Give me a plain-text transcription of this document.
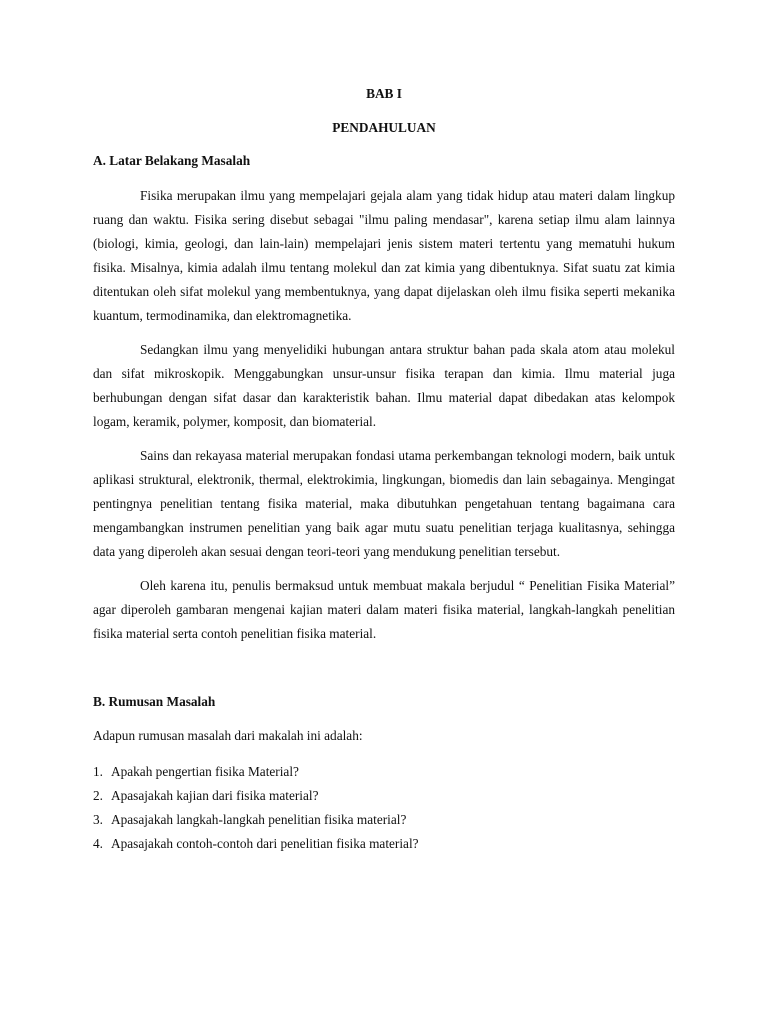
BAB I
PENDAHULUAN
A. Latar Belakang Masalah

Fisika merupakan ilmu yang mempelajari gejala alam yang tidak hidup atau materi dalam lingkup ruang dan waktu. Fisika sering disebut sebagai "ilmu paling mendasar", karena setiap ilmu alam lainnya (biologi, kimia, geologi, dan lain-lain) mempelajari jenis sistem materi tertentu yang mematuhi hukum fisika. Misalnya, kimia adalah ilmu tentang molekul dan zat kimia yang dibentuknya. Sifat suatu zat kimia ditentukan oleh sifat molekul yang membentuknya, yang dapat dijelaskan oleh ilmu fisika seperti mekanika kuantum, termodinamika, dan elektromagnetika.

Sedangkan ilmu yang menyelidiki hubungan antara struktur bahan pada skala atom atau molekul dan sifat mikroskopik. Menggabungkan unsur-unsur fisika terapan dan kimia. Ilmu material juga berhubungan dengan sifat dasar dan karakteristik bahan. Ilmu material dapat dibedakan atas kelompok logam, keramik, polymer, komposit, dan biomaterial.

Sains dan rekayasa material merupakan fondasi utama perkembangan teknologi modern, baik untuk aplikasi struktural, elektronik, thermal, elektrokimia, lingkungan, biomedis dan lain sebagainya. Mengingat pentingnya penelitian tentang fisika material, maka dibutuhkan pengetahuan tentang bagaimana cara mengambangkan instrumen penelitian yang baik agar mutu suatu penelitian terjaga kualitasnya, sehingga data yang diperoleh akan sesuai dengan teori-teori yang mendukung penelitian tersebut.

Oleh karena itu, penulis bermaksud untuk membuat makala berjudul “ Penelitian Fisika Material” agar diperoleh gambaran mengenai kajian materi dalam materi fisika material, langkah-langkah penelitian fisika material serta contoh penelitian fisika material.

B. Rumusan Masalah

Adapun rumusan masalah dari makalah ini adalah:

1. Apakah pengertian fisika Material?
2. Apasajakah kajian dari fisika material?
3. Apasajakah langkah-langkah penelitian fisika material?
4. Apasajakah contoh-contoh dari penelitian fisika material?
